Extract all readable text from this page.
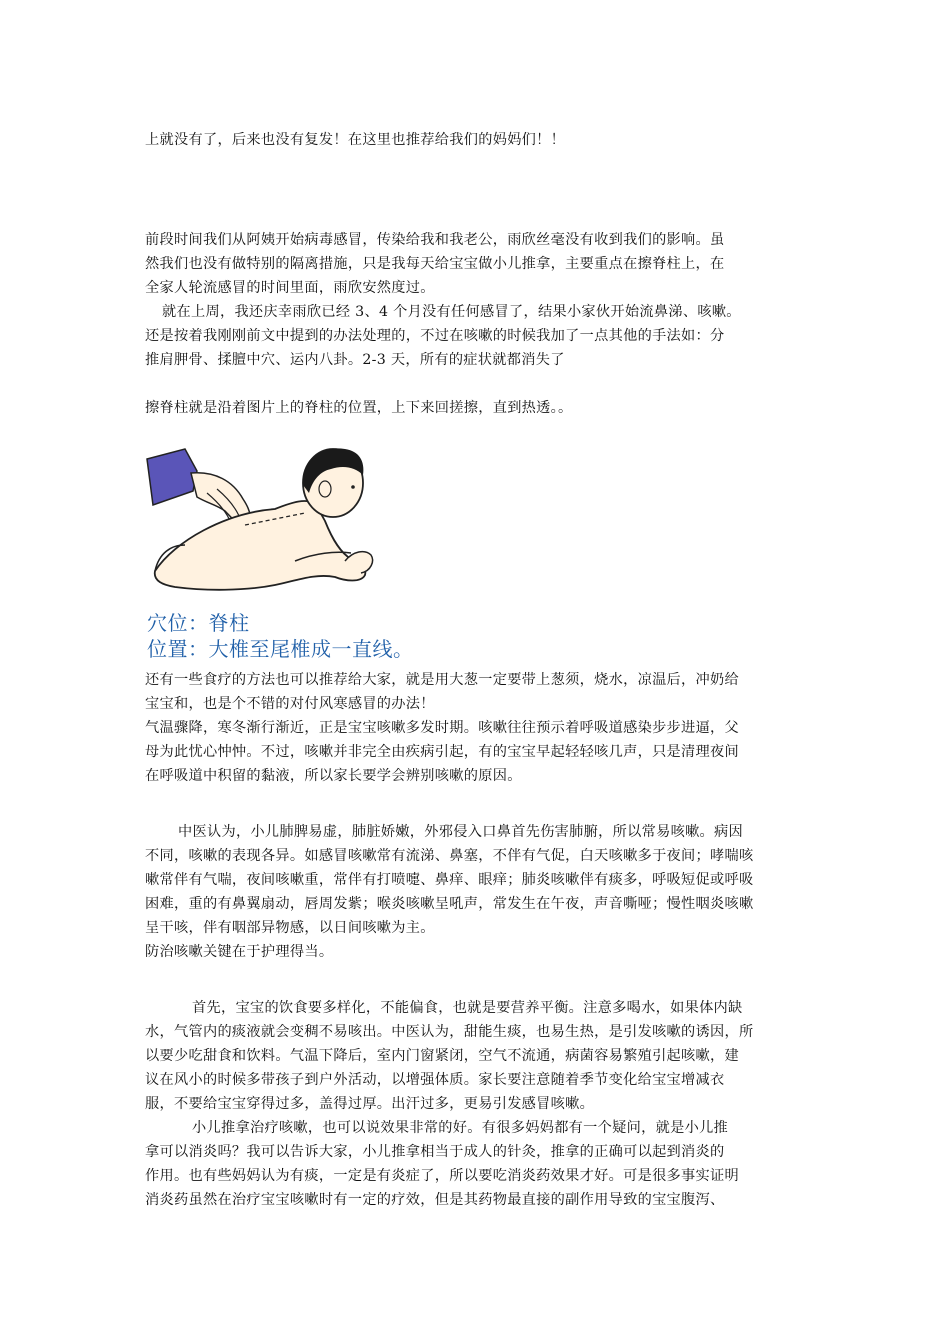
上就没有了，后来也没有复发！在这里也推荐给我们的妈妈们！！
前段时间我们从阿姨开始病毒感冒，传染给我和我老公，雨欣丝毫没有收到我们的影响。虽
然我们也没有做特别的隔离措施，只是我每天给宝宝做小儿推拿，主要重点在擦脊柱上，在
全家人轮流感冒的时间里面，雨欣安然度过。
就在上周，我还庆幸雨欣已经 3、4 个月没有任何感冒了，结果小家伙开始流鼻涕、咳嗽。
还是按着我刚刚前文中提到的办法处理的，不过在咳嗽的时候我加了一点其他的手法如：分
推肩胛骨、揉膻中穴、运内八卦。2-3 天，所有的症状就都消失了
擦脊柱就是沿着图片上的脊柱的位置，上下来回搓擦，直到热透。。
穴位：脊柱
位置：大椎至尾椎成一直线。
还有一些食疗的方法也可以推荐给大家，就是用大葱一定要带上葱须，烧水，凉温后，冲奶给
宝宝和，也是个不错的对付风寒感冒的办法！
气温骤降，寒冬渐行渐近，正是宝宝咳嗽多发时期。咳嗽往往预示着呼吸道感染步步进逼，父
母为此忧心忡忡。不过，咳嗽并非完全由疾病引起，有的宝宝早起轻轻咳几声，只是清理夜间
在呼吸道中积留的黏液，所以家长要学会辨别咳嗽的原因。
中医认为，小儿肺脾易虚，肺脏娇嫩，外邪侵入口鼻首先伤害肺腑，所以常易咳嗽。病因
不同，咳嗽的表现各异。如感冒咳嗽常有流涕、鼻塞，不伴有气促，白天咳嗽多于夜间；哮喘咳
嗽常伴有气喘，夜间咳嗽重，常伴有打喷嚏、鼻痒、眼痒；肺炎咳嗽伴有痰多，呼吸短促或呼吸
困难，重的有鼻翼扇动，唇周发紫；喉炎咳嗽呈吼声，常发生在午夜，声音嘶哑；慢性咽炎咳嗽
呈干咳，伴有咽部异物感，以日间咳嗽为主。
防治咳嗽关键在于护理得当。
首先，宝宝的饮食要多样化，不能偏食，也就是要营养平衡。注意多喝水，如果体内缺
水，气管内的痰液就会变稠不易咳出。中医认为，甜能生痰，也易生热，是引发咳嗽的诱因，所
以要少吃甜食和饮料。气温下降后，室内门窗紧闭，空气不流通，病菌容易繁殖引起咳嗽，建
议在风小的时候多带孩子到户外活动，以增强体质。家长要注意随着季节变化给宝宝增减衣
服，不要给宝宝穿得过多，盖得过厚。出汗过多，更易引发感冒咳嗽。
小儿推拿治疗咳嗽，也可以说效果非常的好。有很多妈妈都有一个疑问，就是小儿推
拿可以消炎吗？我可以告诉大家，小儿推拿相当于成人的针灸，推拿的正确可以起到消炎的
作用。也有些妈妈认为有痰，一定是有炎症了，所以要吃消炎药效果才好。可是很多事实证明
消炎药虽然在治疗宝宝咳嗽时有一定的疗效，但是其药物最直接的副作用导致的宝宝腹泻、
